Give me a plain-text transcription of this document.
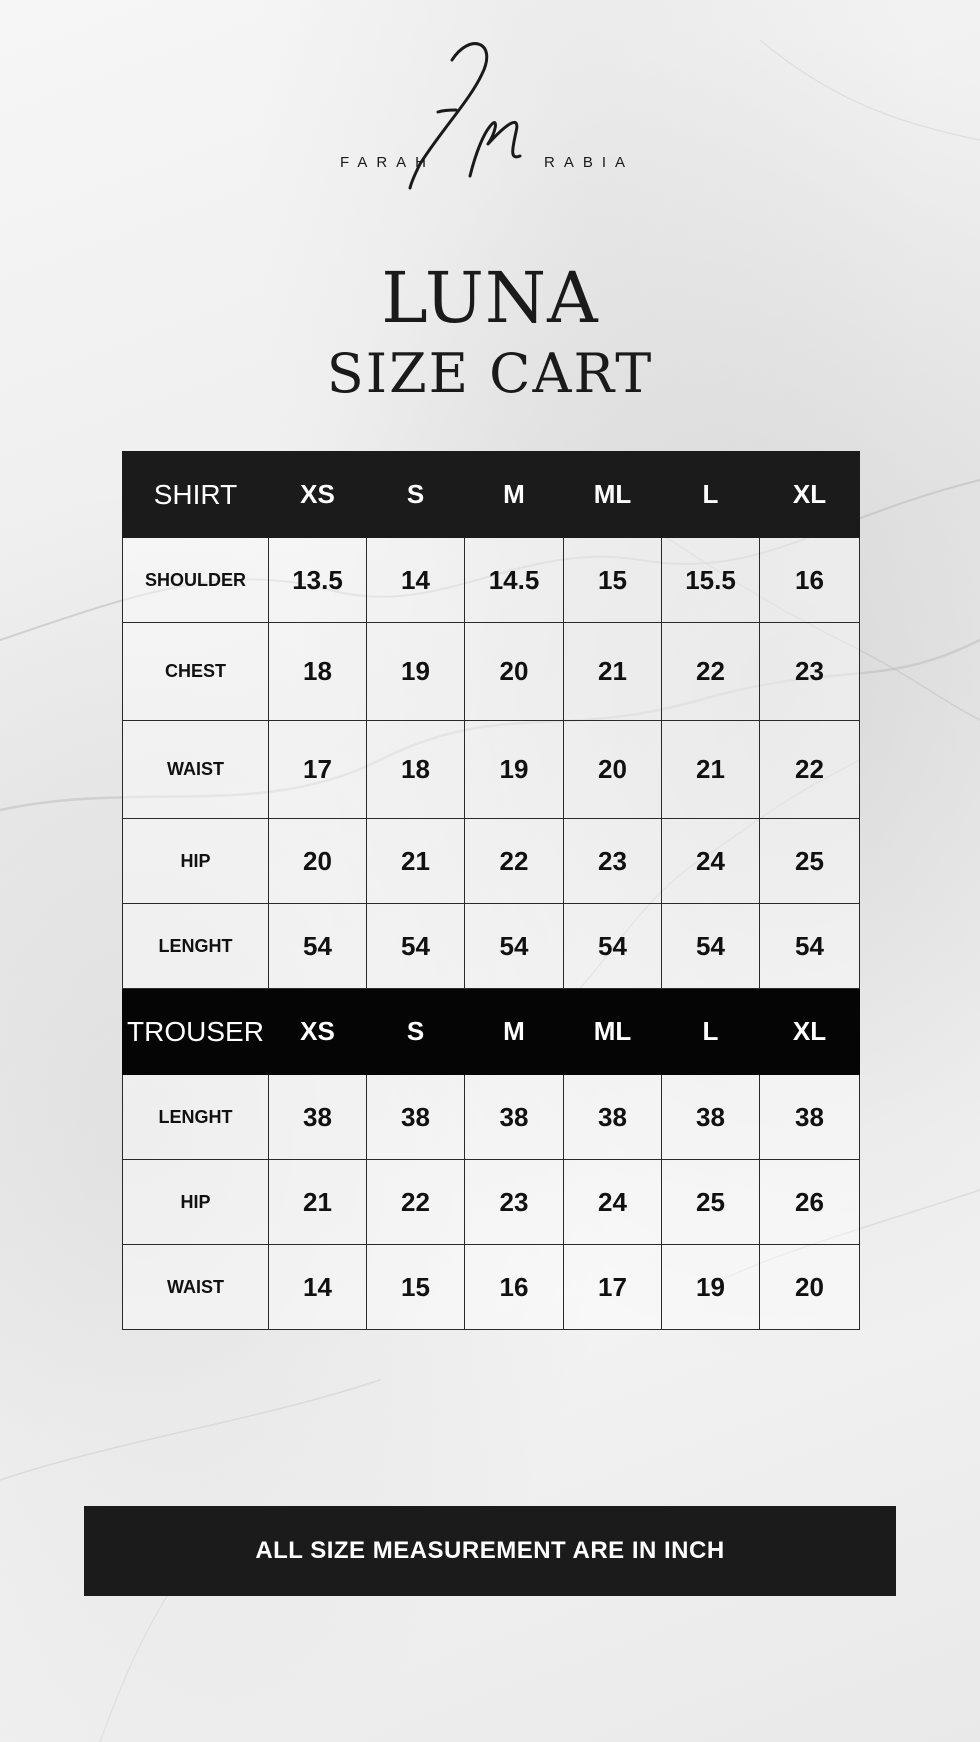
FARAH	RABIA
LUNA
SIZE CART
SHIRT	XS	S	M	ML	L	XL
SHOULDER	13.5	14	14.5	15	15.5	16
CHEST	18	19	20	21	22	23
WAIST	17	18	19	20	21	22
HIP	20	21	22	23	24	25
LENGHT	54	54	54	54	54	54
TROUSER	XS	S	M	ML	L	XL
LENGHT	38	38	38	38	38	38
HIP	21	22	23	24	25	26
WAIST	14	15	16	17	19	20
ALL SIZE MEASUREMENT ARE IN INCH
